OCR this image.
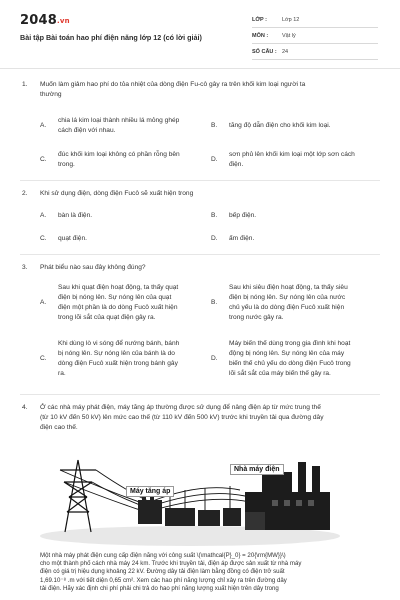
2048.vn
Bài tập Bài toán hao phí điện năng lớp 12 (có lời giải)
LỚP :	Lớp 12
MÔN :	Vật lý
SỐ CÂU : 24
1. Muốn làm giảm hao phí do tỏa nhiệt của dòng điện Fu-cô gây ra trên khối kim loại người ta
thường
A.
chia lá kim loại thành nhiều lá mỏng ghép
cách điện với nhau.
B. tăng độ dẫn điện cho khối kim loại.
C.
đúc khối kim loại không có phần rỗng bên
trong.
D.
sơn phủ lên khối kim loại một lớp sơn cách
điện.
2. Khi sử dụng điện, dòng điện Fucô sẽ xuất hiện trong
A. bàn là điện.	B. bếp điện.
C. quạt điện.	D. ấm điện.
3. Phát biểu nào sau đây không đúng?
A.
Sau khi quạt điện hoạt động, ta thấy quạt
điện bị nóng lên. Sự nóng lên của quạt
điện một phần là do dòng Fucô xuất hiện
trong lõi sắt của quạt điện gây ra.
B.
Sau khi siêu điện hoạt động, ta thấy siêu
điện bị nóng lên. Sự nóng lên của nước
chủ yếu là do dòng điện Fucô xuất hiện
trong nước gây ra.
C.
Khi dùng lò vi sóng để nướng bánh, bánh
bị nóng lên. Sự nóng lên của bánh là do
dòng điện Fucô xuất hiện trong bánh gây
ra.
D.
Máy biến thế dùng trong gia đình khi hoạt
động bị nóng lên. Sự nóng lên của máy
biến thế chủ yếu do dòng điện Fucô trong
lõi sắt sắt của máy biến thế gây ra.
4. Ở các nhà máy phát điện, máy tăng áp thường được sử dụng để nâng điện áp từ mức trung thế
(từ 10 kV đến 50 kV) lên mức cao thế (từ 110 kV đến 500 kV) trước khi truyền tải qua đường dây
điện cao thế.
Nhà máy điện
Máy tăng áp
Một nhà máy phát điện cung cấp điện năng với công suất \(\mathcal{P}_0} = 20{\rm{MW}}\)
cho một thành phố cách nhà máy 24 km. Trước khi truyền tải, điện áp được sản xuất từ nhà máy
điện có giá trị hiệu dụng khoảng 22 kV. Đường dây tải điện làm bằng đồng có điện trở suất
1,69.10⁻⁸ .m với tiết diện 0,65 cm². Xem các hao phí năng lượng chỉ xảy ra trên đường dây
tải điện. Hãy xác định chi phí phải chi trả do hao phí năng lượng xuất hiện trên dây trong
